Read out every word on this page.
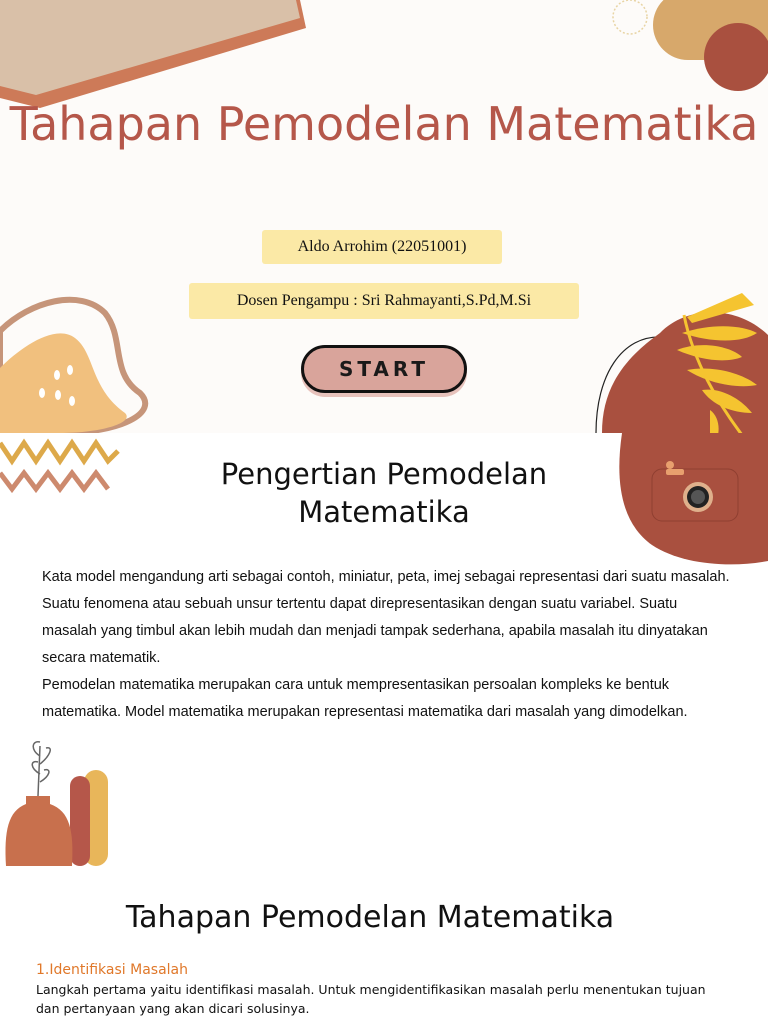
Tahapan Pemodelan Matematika
Aldo Arrohim (22051001)
Dosen Pengampu : Sri Rahmayanti,S.Pd,M.Si
START
Pengertian Pemodelan
Matematika

Kata model mengandung arti sebagai contoh, miniatur, peta, imej sebagai representasi dari suatu masalah.

Suatu fenomena atau sebuah unsur tertentu dapat direpresentasikan dengan suatu variabel. Suatu masalah yang timbul akan lebih mudah dan menjadi tampak sederhana, apabila masalah itu dinyatakan secara matematik.

Pemodelan matematika merupakan cara untuk mempresentasikan persoalan kompleks ke bentuk matematika. Model matematika merupakan representasi matematika dari masalah yang dimodelkan.

Tahapan Pemodelan Matematika
1.Identifikasi Masalah
Langkah pertama yaitu identifikasi masalah. Untuk mengidentifikasikan masalah perlu menentukan tujuan dan pertanyaan yang akan dicari solusinya.
